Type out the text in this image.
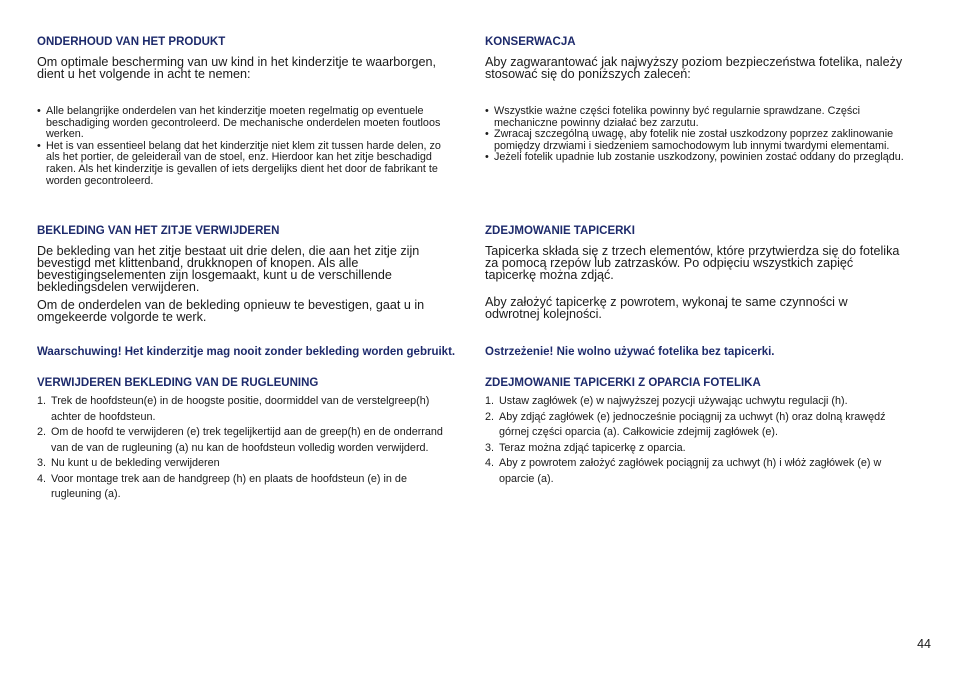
ONDERHOUD VAN HET PRODUKT

Om optimale bescherming van uw kind in het kinderzitje te waarborgen, dient u het volgende in acht te nemen:

• Alle belangrijke onderdelen van het kinderzitje moeten regelmatig op eventuele beschadiging worden gecontroleerd. De mechanische onderdelen moeten foutloos werken.
• Het is van essentieel belang dat het kinderzitje niet klem zit tussen harde delen, zo als het portier, de geleiderail van de stoel, enz. Hierdoor kan het zitje beschadigd raken. Als het kinderzitje is gevallen of iets dergelijks dient het door de fabrikant te worden gecontroleerd.
BEKLEDING VAN HET ZITJE VERWIJDEREN

De bekleding van het zitje bestaat uit drie delen, die aan het zitje zijn bevestigd met klittenband, drukknopen of knopen. Als alle bevestigingselementen zijn losgemaakt, kunt u de verschillende bekledingsdelen verwijderen.

Om de onderdelen van de bekleding opnieuw te bevestigen, gaat u in omgekeerde volgorde te werk.

Waarschuwing! Het kinderzitje mag nooit zonder bekleding worden gebruikt.
VERWIJDEREN BEKLEDING VAN DE RUGLEUNING
1. Trek de hoofdsteun(e) in de hoogste positie, doormiddel van de verstelgreep(h) achter de hoofdsteun.
2. Om de hoofd te verwijderen (e) trek tegelijkertijd aan de greep(h) en de onderrand van de van de rugleuning (a) nu kan de hoofdsteun volledig worden verwijderd.
3. Nu kunt u de bekleding verwijderen
4. Voor montage trek aan de handgreep (h) en plaats de hoofdsteun (e) in de rugleuning (a).
KONSERWACJA

Aby zagwarantować jak najwyższy poziom bezpieczeństwa fotelika, należy stosować się do poniższych zaleceń:

• Wszystkie ważne części fotelika powinny być regularnie sprawdzane. Części mechaniczne powinny działać bez zarzutu.
• Zwracaj szczególną uwagę, aby fotelik nie został uszkodzony poprzez zaklinowanie pomiędzy drzwiami i siedzeniem samochodowym lub innymi twardymi elementami.
• Jeżeli fotelik upadnie lub zostanie uszkodzony, powinien zostać oddany do przeglądu.
ZDEJMOWANIE TAPICERKI

Tapicerka składa się z trzech elementów, które przytwierdza się do fotelika za pomocą rzepów lub zatrzasków. Po odpięciu wszystkich zapięć tapicerkę można zdjąć.

Aby założyć tapicerkę z powrotem, wykonaj te same czynności w odwrotnej kolejności.

Ostrzeżenie! Nie wolno używać fotelika bez tapicerki.
ZDEJMOWANIE TAPICERKI Z OPARCIA FOTELIKA
1. Ustaw zagłówek (e) w najwyższej pozycji używając uchwytu regulacji (h).
2. Aby zdjąć zagłówek (e) jednocześnie pociągnij za uchwyt (h) oraz dolną krawędź górnej części oparcia (a). Całkowicie zdejmij zagłówek (e).
3. Teraz można zdjąć tapicerkę z oparcia.
4. Aby z powrotem założyć zagłówek pociągnij za uchwyt (h) i włóż zagłówek (e) w oparcie (a).
44
